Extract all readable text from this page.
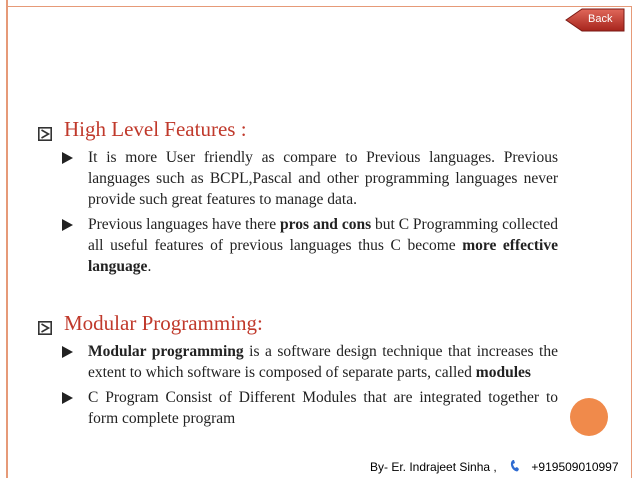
Back
High Level Features :
It is more User friendly as compare to Previous languages. Previous languages such as BCPL,Pascal and other programming languages never provide such great features to manage data.
Previous languages have there pros and cons but C Programming collected all useful features of previous languages thus C become more effective language.
Modular Programming:
Modular programming is a software design technique that increases the extent to which software is composed of separate parts, called modules
C Program Consist of Different Modules that are integrated together to form complete program
By- Er. Indrajeet Sinha ,	+919509010997
